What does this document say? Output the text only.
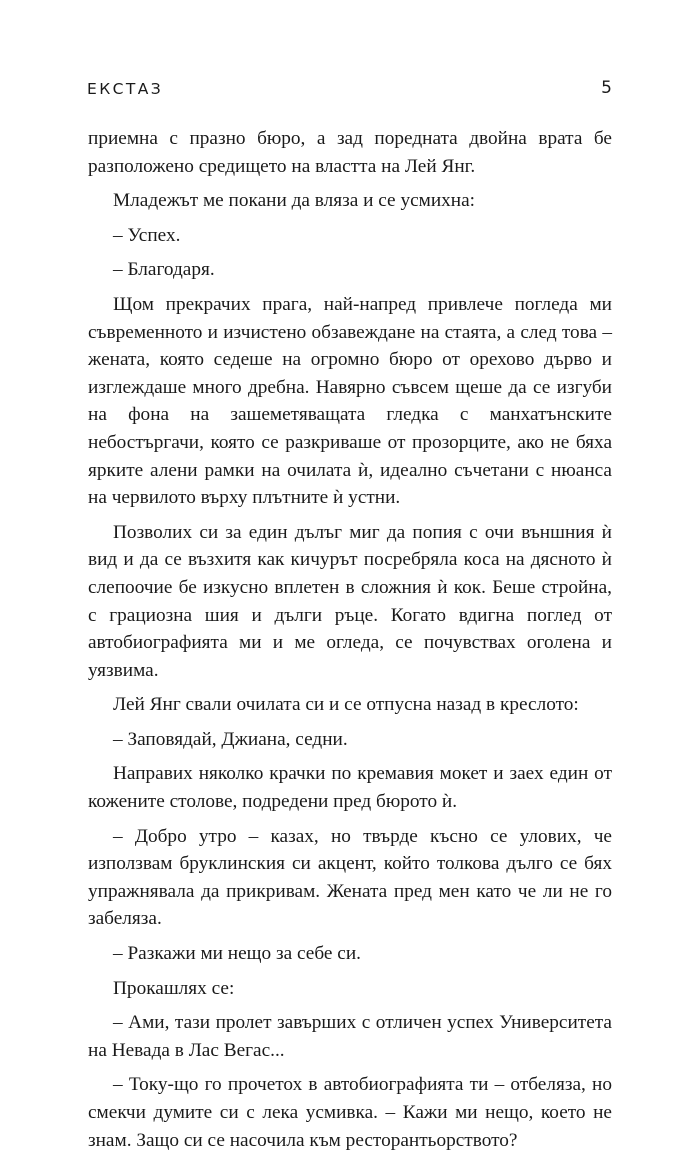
ЕКСТАЗ	5

приемна с празно бюро, а зад поредната двойна врата бе разположено средището на властта на Лей Янг.

Младежът ме покани да вляза и се усмихна:

– Успех.

– Благодаря.

Щом прекрачих прага, най-напред привлече погледа ми съвременното и изчистено обзавеждане на стаята, а след това – жената, която седеше на огромно бюро от орехово дърво и изглеждаше много дребна. Навярно съвсем щеше да се изгуби на фона на зашеметяващата гледка с манхатънските небостъргачи, която се разкриваше от прозорците, ако не бяха ярките алени рамки на очилата ѝ, идеално съчетани с нюанса на червилото върху плътните ѝ устни.

Позволих си за един дълъг миг да попия с очи външния ѝ вид и да се възхитя как кичурът посребряла коса на дясното ѝ слепоочие бе изкусно вплетен в сложния ѝ кок. Беше стройна, с грациозна шия и дълги ръце. Когато вдигна поглед от автобиографията ми и ме огледа, се почувствах оголена и уязвима.

Лей Янг свали очилата си и се отпусна назад в креслото:

– Заповядай, Джиана, седни.

Направих няколко крачки по кремавия мокет и заех един от кожените столове, подредени пред бюрото ѝ.

– Добро утро – казах, но твърде късно се улових, че използвам бруклинския си акцент, който толкова дълго се бях упражнявала да прикривам. Жената пред мен като че ли не го забеляза.

– Разкажи ми нещо за себе си.

Прокашлях се:

– Ами, тази пролет завърших с отличен успех Университета на Невада в Лас Вегас...

– Току-що го прочетох в автобиографията ти – отбеляза, но смекчи думите си с лека усмивка. – Кажи ми нещо, което не знам. Защо си се насочила към ресторантьорството?
